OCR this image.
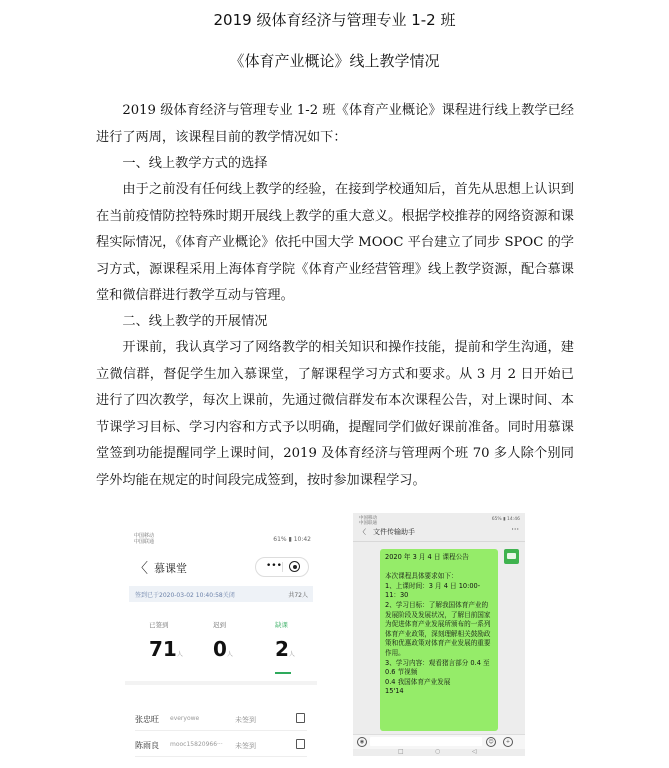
2019 级体育经济与管理专业 1-2 班
《体育产业概论》线上教学情况

2019 级体育经济与管理专业 1-2 班《体育产业概论》课程进行线上教学已经进行了两周，该课程目前的教学情况如下：

一、线上教学方式的选择

由于之前没有任何线上教学的经验，在接到学校通知后，首先从思想上认识到在当前疫情防控特殊时期开展线上教学的重大意义。根据学校推荐的网络资源和课程实际情况，《体育产业概论》依托中国大学 MOOC 平台建立了同步 SPOC 的学习方式，源课程采用上海体育学院《体育产业经营管理》线上教学资源，配合慕课堂和微信群进行教学互动与管理。

二、线上教学的开展情况

开课前，我认真学习了网络教学的相关知识和操作技能，提前和学生沟通，建立微信群，督促学生加入慕课堂，了解课程学习方式和要求。从 3 月 2 日开始已进行了四次教学，每次上课前，先通过微信群发布本次课程公告，对上课时间、本节课学习目标、学习内容和方式予以明确，提醒同学们做好课前准备。同时用慕课堂签到功能提醒同学上课时间，2019 及体育经济与管理两个班 70 多人除个别同学外均能在规定的时间段完成签到，按时参加课程学习。

中国移动
中国联通	61% ▮ 10:42
〈 慕课堂	•••
签到已于2020-03-02 10:40:58关闭	共72人
已签到
71人
迟到
0人
缺课
2人
张忠旺 everyowe	未签到
陈雨良 mooc15820966··· 未签到
中国移动
中国联通
65% ▮ 14:46
〈 文件传输助手	···
2020 年 3 月 4 日 课程公告

本次课程具体要求如下：
1、上课时间：3 月 4 日 10:00-11：30
2、学习目标：了解我国体育产业的发展阶段及发展状况，了解目前国家为促进体育产业发展所颁布的一系列体育产业政策，深刻理解相关鼓励政策和优惠政策对体育产业发展的重要作用。
3、学习内容：观看猪言部分 0.4 至 0.6 节视频
0.4 我国体育产业发展
15'14
◉	☺	+
□	○	◁
